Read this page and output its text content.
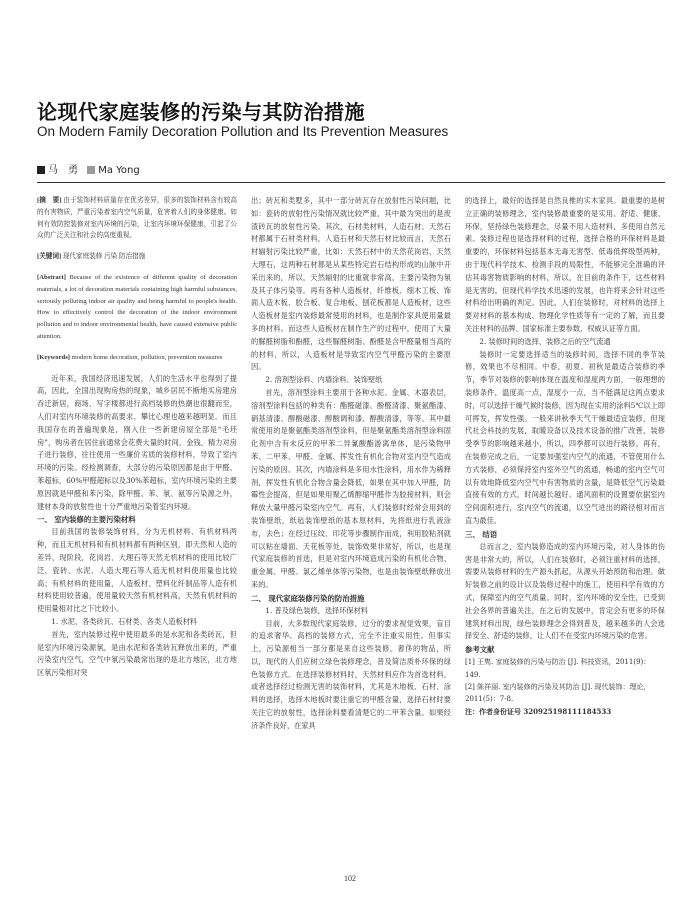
论现代家庭装修的污染与其防治措施
On Modern Family Decoration Pollution and Its Prevention Measures
马　勇 Ma Yong

[摘　要] 由于装饰材料质量存在优劣差异，很多的装饰材料含有较高的有害物质，严重污染着室内空气质量，危害着人们的身体健康。如何有效防控装修对室内环境的污染，让室内环境环保健康，引起了公众的广泛关注和社会的高度重视。

[关键词] 现代家庭装修 污染 防治措施

[Abstract] Because of the existence of different quality of decoration materials, a lot of decoration materials containing high harmful substances, seriously polluting indoor air quality and being harmful to people's health. How to effectively control the decoration of the indoor environment pollution and to indoor environmental health, have caused extensive public attention.

[Keywords] modern home decoration, pollution, prevention measures

近年来，我国经济迅速发展，人们的生活水平也得到了提高，因此，全国出现购房热的现象，城乡居民不断地买房建房吞迁新居，商场、写字楼都进行高档装修的热潮也很翻而至，人们对室内环境装修的高要求、攀比心理也越来越明显。而且我国存在的普遍现象是，刚入住一些新建房屋全部是“毛坯房”，购房者在居住前通常会花费大量的时间、金钱、精力对房子进行装修，往往使用一些廉价劣质的装修材料，导致了室内环境的污染。经检测调查，大部分的污染原因都是由于甲醛、苯超标，60%甲醛超标以及30%苯超标，室内环境污染的主要原因就是甲醛和苯污染，除甲醛、苯、氡、氨等污染源之外，建材本身的放射性也十分严重地污染着室内环境。

一、 室内装修的主要污染材料

目前我国的装修装饰材料，分为无机材料、有机材料两种，而且无机材料和有机材料都有两种区别，即天然和人造的差异，现阶段，花岗岩、大理石等天然无机材料的使用比较广泛，瓷砖、水泥、人造大理石等人造无机材料使用量也比较高；有机材料的使用量，人造板材、塑料化纤制品等人造有机材料使用较普遍，使用量较天然有机材料高，天然有机材料的使用量相对比之下比较小。

1. 水泥、各类砖瓦、石材类、各类人造板材料

首先，室内装修过程中使用最多的是水泥和各类砖瓦，但是室内环境污染源氡，是由水泥和各类砖瓦释放出来的，严重污染室内空气，空气中氡污染最常出现的是北方地区，北方地区氡污染相对突

出；砖瓦和类墅多，其中一部分砖瓦存在放射性污染问题，比如：瓷砖的放射性污染情况就比较严重，其中最为突出的是废渣砖瓦的放射性污染。其次，石材类材料，人造石材、天然石材都属于石材类材料，人造石材和天然石材比较而言，天然石材辐射污染比较严重，比如：天然石材中的天然花岗岩，天然大理石，这两种石材都是从某些特定岩石结构形成的山脉中开采出来的，所以，天然辐射的比重就非常高，主要污染物为氡及其子体污染等。再有各种人造板材，纤维板、细木工板、饰面人造木板、胶合板、复合地板、刨花板都是人造板材，这些人造板材是室内装修最常使用的材料，也是制作家具使用量最多的材料。而这些人造板材在制作生产的过程中，使用了大量的脲醛树脂和酚醛，这些脲醛树脂、酚醛是含甲醛量相当高的的材料，所以，人造板材是导致室内空气甲醛污染的主要原因。

2. 溶剂型涂料、内墙涂料、装饰壁纸

首先，溶剂型涂料主要用于各种水泥、金属、木器表层，溶剂型涂料包括的种类有：酯醛磁漆、酚醛清漆、聚氨酯漆、硝基清漆、醇酸磁漆、醇酸调和漆、醇酸清漆，等等。其中最常使用的是聚氨酯类溶剂型涂料，但是聚氨酯类溶剂型涂料固化剂中含有未反应的甲苯二异氰酸酯游离单体，是污染物甲苯、二甲苯、甲醛、金属、挥发性有机化合物对室内空气造成污染的原因。其次，内墙涂料是多用水性涂料，用水作为稀释剂，挥发性有机化合物含量会降低，如果在其中加入甲醛，防霉性会提高，但是如果用聚乙烯醇缩甲醛作为胶接材料，则会释放大量甲醛污染室内空气。再有，人们装修时经常会用到的装饰壁纸，纸毡装饰壁纸的基本原材料，先将纸进行乳液涂布，去色；在经过压纹、印花等步骤制作而成，利用胶粘剂就可以粘在墙面、天花板等处，装饰效果非常好，所以，也是现代家庭装修的首选，但是对室内环境造成污染的有机化合物、重金属、甲醛、氯乙烯单体等污染物，也是由装饰壁纸释放出来的。

二、 现代家庭装修污染的防治措施

1. 普及绿色装修，选择环保材料

目前，大多数现代家庭装修，过分的要求视觉效果，盲目的追求奢华、高档的装修方式，完全不注重实用性。但事实上，污染源相当一部分都是来自这些装修。奢侈的物品，所以，现代的人们应树立绿色装修理念，普及简洁质朴环保的绿色装修方式。在选择装修材料时，天然材料应作为首选材料，或者选择经过检测无害的装饰材料，尤其是木地板、石材、涂料的选择，选择木地板时要注重它的甲醛含量，选择石材时要关注它的放射性，选择涂料要看清楚它的二甲苯含量。如果经济条件良好，在家具

的选择上，最好的选择是自然良椎的实木家具。最重要的是树立正确的装修理念，室内装修最重要的是实用、舒适、健康、环保，坚持绿色装修理念，尽量不用人造材料，多使用自然元素。装修过程也是选择材料的过程，选择合格的环保材料是最重要的，环保材料包括基本无毒无害型、低毒低挥级型两种，由于现代科学技术、检测手段的局限性，不能够完全准确的评估其毒害物质影响的材料，所以，在目前的条件下，这些材料是无害的。但现代科学技术迅速的发展，也许将来会针对这些材料给出明确的判定。因此，人们在装修时，对材料的选择上要对材料的基本构成、物理化学性质等有一定的了解，而且要关注材料的品牌、国家标准主要参数、权威认证等方面。

2. 装修时间的选择，装修之后的空气流通

装修时一定要选择适当的装修时间，选择不同的季节装修，效果也不尽相同。中春、初夏、初秋是最适合装修的季节，季节对装修的影响体现在温度和湿度两方面，一般理想的装修条件，温度高一点，湿度小一点，当不能满足这两点要求时，可以选择干燥气候时装修，因为现在实用的涂料5℃以上即可挥发，挥发性强。一般来讲秋季天气干燥最适宜装修，但现代社会科技的发展，取暖设备以及技术设备的推广改善，装修受季节的影响越来越小，所以，四季都可以进行装修。再有，在装修完成之后，一定要加强室内空气的流通，不管使用什么方式装修，必须保持室内室外空气的流通，畅通的室内空气可以有效地降低室内空气中有害物质的含量，是降低空气污染最直接有效的方式，时间越长越好。通风面积的设置要依据室内空间面积进行，室内空气的流通，以空气进出的路径相对而言直为最佳。

三、 结语

总而言之，室内装修造成的室内环境污染，对人身体的伤害是非常大的，所以，人们在装修时，必须注重材料的选择，需要从装修材料的生产源头抓起，从源头开始预防和治理。做好装修之前的设计以及装修过程中的施工，使用科学有效的方式，保障室内的空气质量。同时，室内环境的安全性，已受到社会各界的普遍关注，在之后的发展中，肯定会有更多的环保建筑材料出现，绿色装修理念会得到普及，越来越多的人会选择安全、舒适的装修，让人们不在受室内环境污染的危害。

参考文献

[1] 王隽. 家庭装修的污染与防治 [J]. 科技资讯，2011(9)：149.

[2] 陈祥丽. 室内装修的污染及其防治 [J]. 现代装饰：理论，2011(5)：7-8.

注：作者身份证号 320925198111184533

102
